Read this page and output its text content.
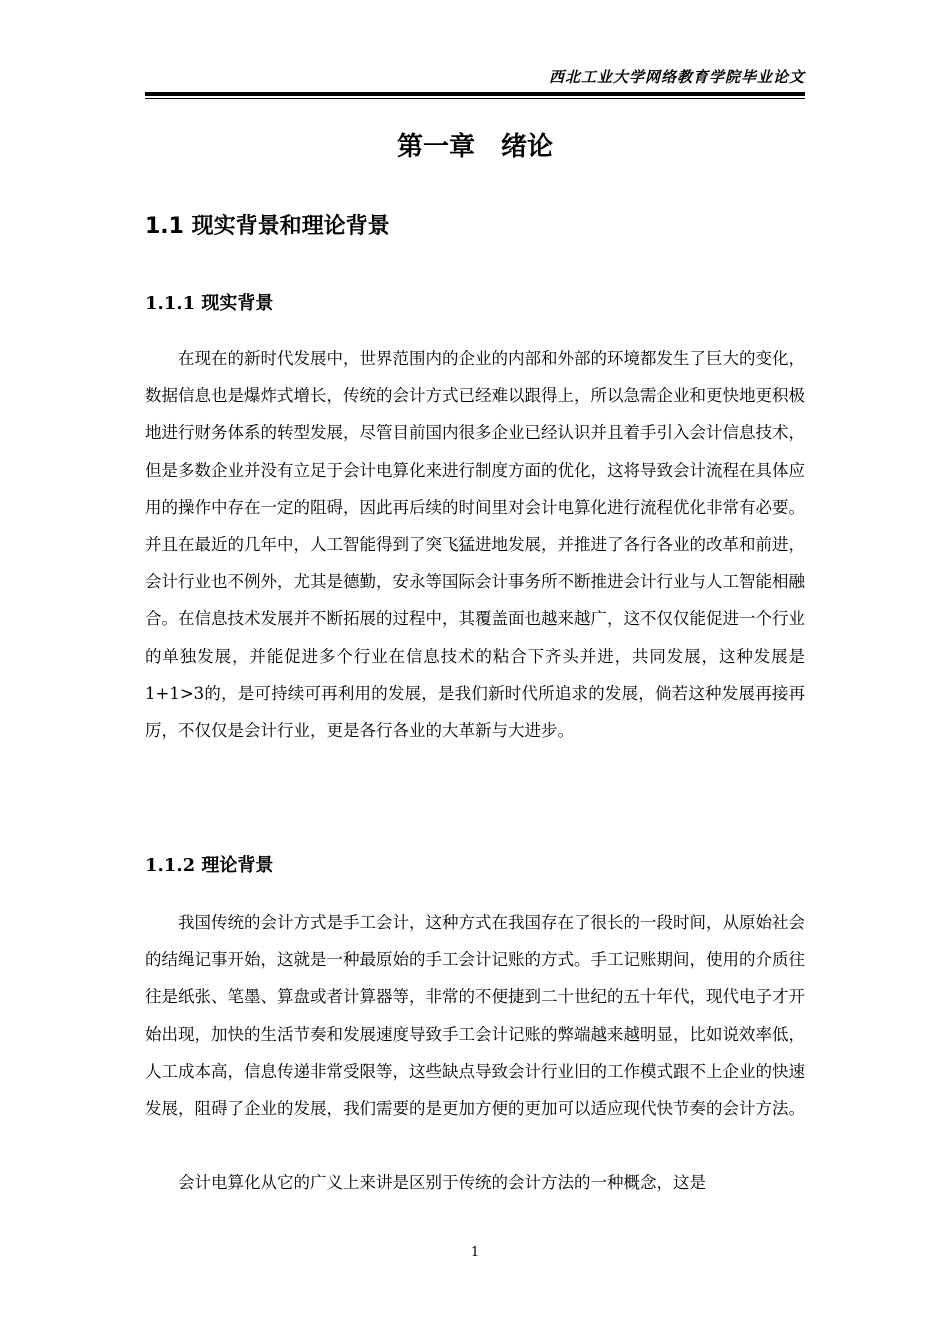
西北工业大学网络教育学院毕业论文
第一章　绪论
1.1 现实背景和理论背景
1.1.1 现实背景

在现在的新时代发展中，世界范围内的企业的内部和外部的环境都发生了巨大的变化，数据信息也是爆炸式增长，传统的会计方式已经难以跟得上，所以急需企业和更快地更积极地进行财务体系的转型发展，尽管目前国内很多企业已经认识并且着手引入会计信息技术，但是多数企业并没有立足于会计电算化来进行制度方面的优化，这将导致会计流程在具体应用的操作中存在一定的阻碍，因此再后续的时间里对会计电算化进行流程优化非常有必要。并且在最近的几年中，人工智能得到了突飞猛进地发展，并推进了各行各业的改革和前进，会计行业也不例外，尤其是德勤，安永等国际会计事务所不断推进会计行业与人工智能相融合。在信息技术发展并不断拓展的过程中，其覆盖面也越来越广，这不仅仅能促进一个行业的单独发展，并能促进多个行业在信息技术的粘合下齐头并进，共同发展，这种发展是1+1>3的，是可持续可再利用的发展，是我们新时代所追求的发展，倘若这种发展再接再厉，不仅仅是会计行业，更是各行各业的大革新与大进步。

1.1.2 理论背景

我国传统的会计方式是手工会计，这种方式在我国存在了很长的一段时间，从原始社会的结绳记事开始，这就是一种最原始的手工会计记账的方式。手工记账期间，使用的介质往往是纸张、笔墨、算盘或者计算器等，非常的不便捷到二十世纪的五十年代，现代电子才开始出现，加快的生活节奏和发展速度导致手工会计记账的弊端越来越明显，比如说效率低，人工成本高，信息传递非常受限等，这些缺点导致会计行业旧的工作模式跟不上企业的快速发展，阻碍了企业的发展，我们需要的是更加方便的更加可以适应现代快节奏的会计方法。

会计电算化从它的广义上来讲是区别于传统的会计方法的一种概念，这是

1
